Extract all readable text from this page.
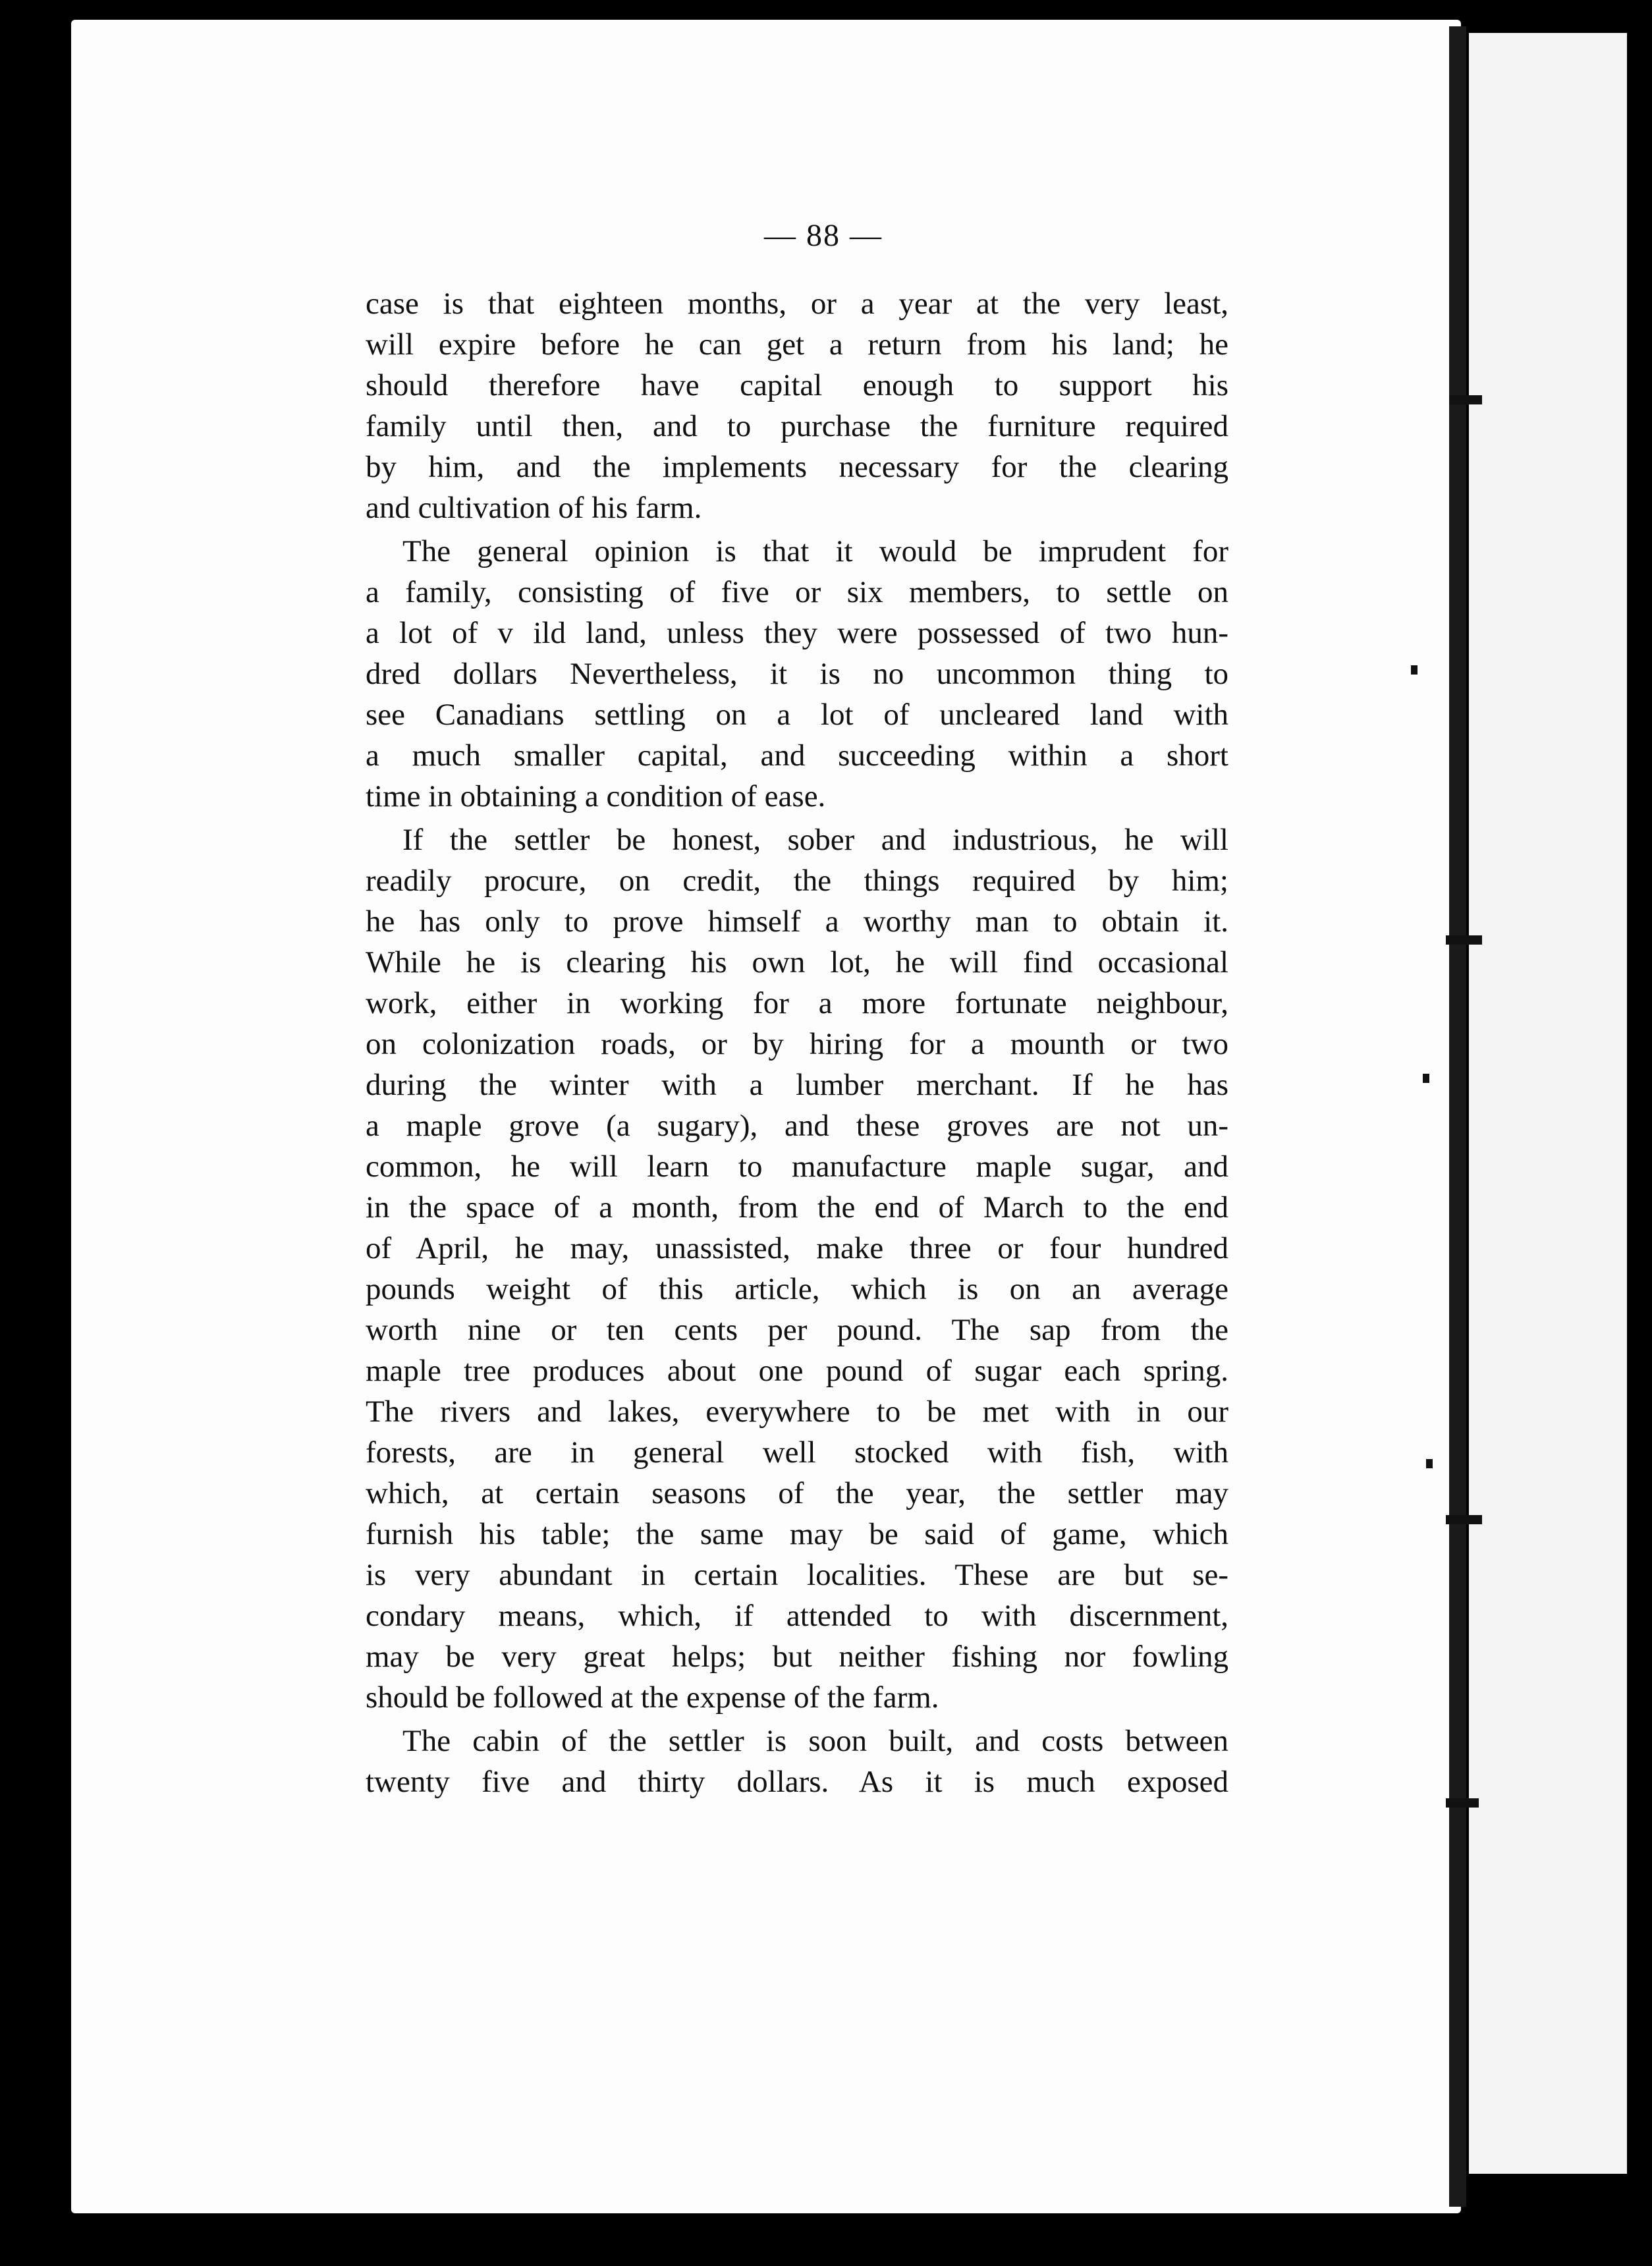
— 88 —
case is that eighteen months, or a year at the very least,
will expire before he can get a return from his land; he
should therefore have capital enough to support his
family until then, and to purchase the furniture required
by him, and the implements necessary for the clearing
and cultivation of his farm.
The general opinion is that it would be imprudent for
a family, consisting of five or six members, to settle on
a lot of v ild land, unless they were possessed of two hun-
dred dollars Nevertheless, it is no uncommon thing to
see Canadians settling on a lot of uncleared land with
a much smaller capital, and succeeding within a short
time in obtaining a condition of ease.
If the settler be honest, sober and industrious, he will
readily procure, on credit, the things required by him;
he has only to prove himself a worthy man to obtain it.
While he is clearing his own lot, he will find occasional
work, either in working for a more fortunate neighbour,
on colonization roads, or by hiring for a mounth or two
during the winter with a lumber merchant. If he has
a maple grove (a sugary), and these groves are not un-
common, he will learn to manufacture maple sugar, and
in the space of a month, from the end of March to the end
of April, he may, unassisted, make three or four hundred
pounds weight of this article, which is on an average
worth nine or ten cents per pound. The sap from the
maple tree produces about one pound of sugar each spring.
The rivers and lakes, everywhere to be met with in our
forests, are in general well stocked with fish, with
which, at certain seasons of the year, the settler may
furnish his table; the same may be said of game, which
is very abundant in certain localities. These are but se-
condary means, which, if attended to with discernment,
may be very great helps; but neither fishing nor fowling
should be followed at the expense of the farm.
The cabin of the settler is soon built, and costs between
twenty five and thirty dollars. As it is much exposed
